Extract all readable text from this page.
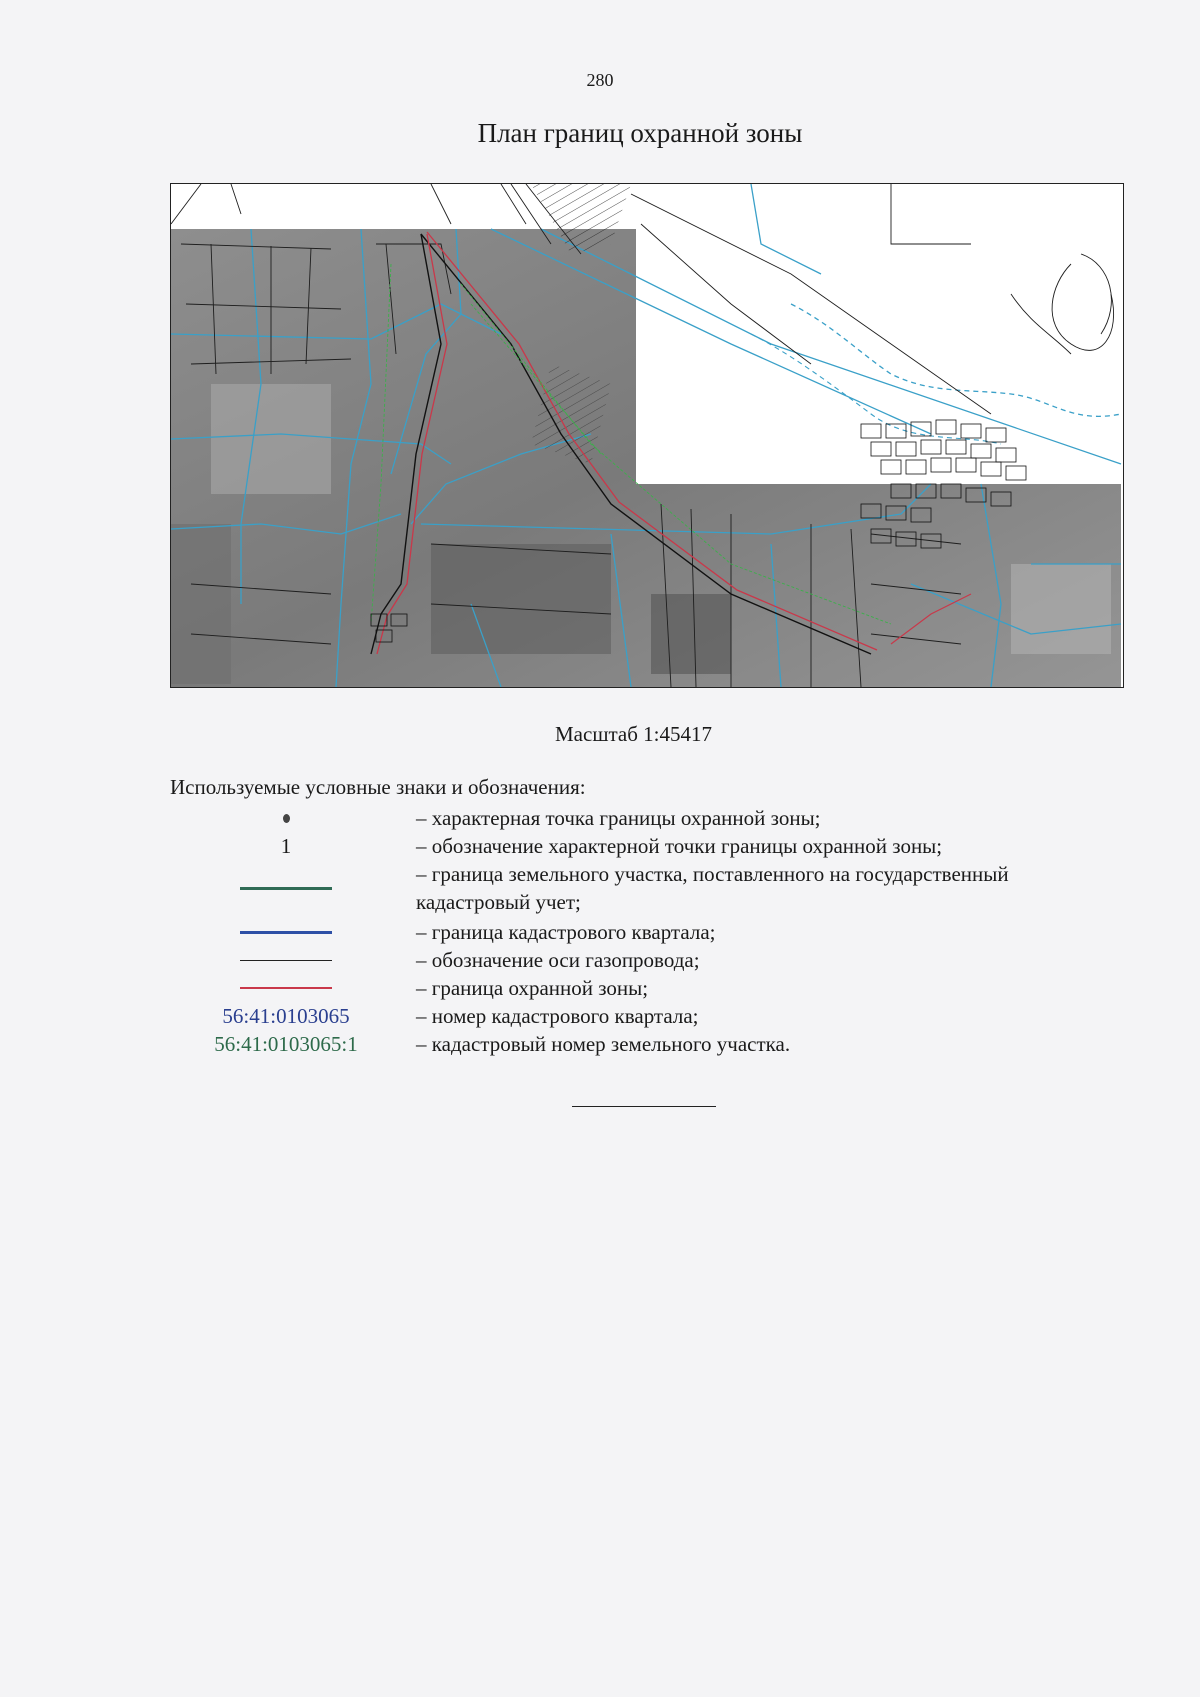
280
План границ охранной зоны
Масштаб 1:45417
Используемые условные знаки и обозначения:
– характерная точка границы охранной зоны;
1	– обозначение характерной точки границы охранной зоны;
– граница земельного участка, поставленного на государственный кадастровый учет;
– граница кадастрового квартала;
– обозначение оси газопровода;
– граница охранной зоны;
56:41:0103065	– номер кадастрового квартала;
56:41:0103065:1	– кадастровый номер земельного участка.
